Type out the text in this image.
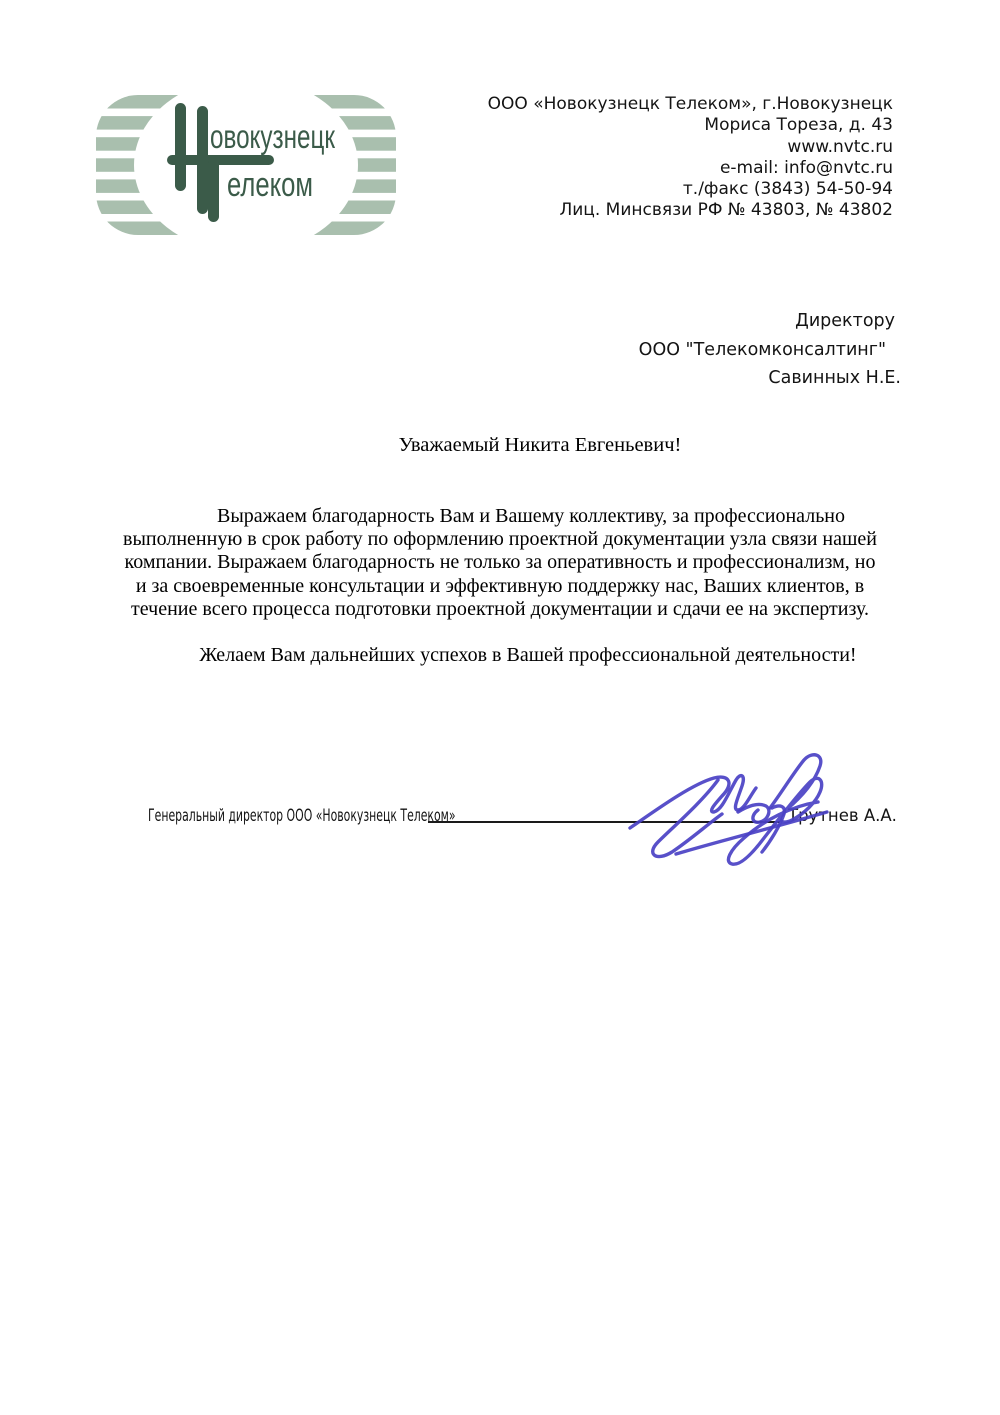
овокузнецк
елеком
ООО «Новокузнецк Телеком», г.Новокузнецк
Мориса Тореза, д. 43
www.nvtc.ru
e-mail: info@nvtc.ru
т./факс (3843) 54-50-94
Лиц. Минсвязи РФ № 43803, № 43802
Директору
ООО "Телекомконсалтинг"
Савинных Н.Е.
Уважаемый Никита Евгеньевич!
Выражаем благодарность Вам и Вашему коллективу, за профессионально
выполненную в срок работу по оформлению проектной документации узла связи нашей
компании. Выражаем благодарность не только за оперативность и профессионализм, но
и за своевременные консультации и эффективную поддержку нас, Ваших клиентов, в
течение всего процесса подготовки проектной документации и сдачи ее на экспертизу.
Желаем Вам дальнейших успехов в Вашей профессиональной деятельности!
Генеральный директор ООО «Новокузнецк Телеком»	Трутнев А.А.
